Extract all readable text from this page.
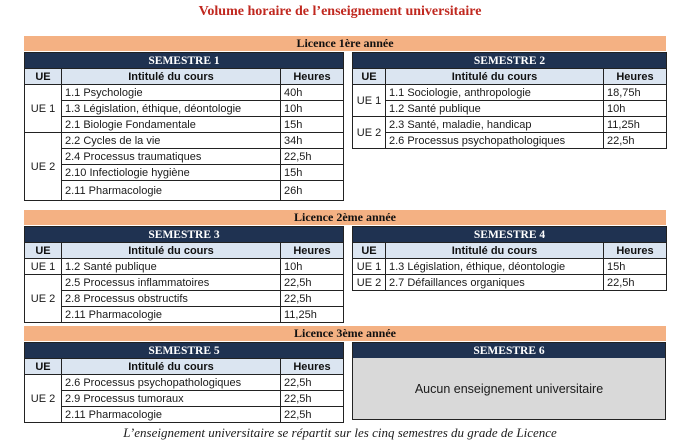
Volume horaire de l’enseignement universitaire
Licence 1ère année
SEMESTRE 1		
UE	Intitulé du cours	Heures
UE 1	1.1 Psychologie	40h
	1.3 Législation, éthique, déontologie	10h
	2.1 Biologie Fondamentale	15h
UE 2	2.2 Cycles de la vie	34h
	2.4 Processus traumatiques	22,5h
	2.10 Infectiologie hygiène	15h
	2.11 Pharmacologie	26h
SEMESTRE 2		
UE	Intitulé du cours	Heures
UE 1	1.1 Sociologie, anthropologie	18,75h
	1.2 Santé publique	10h
UE 2	2.3 Santé, maladie, handicap	11,25h
	2.6 Processus psychopathologiques	22,5h
Licence 2ème année
SEMESTRE 3		
UE	Intitulé du cours	Heures
UE 1	1.2 Santé publique	10h
UE 2	2.5 Processus inflammatoires	22,5h
	2.8 Processus obstructifs	22,5h
	2.11 Pharmacologie	11,25h
SEMESTRE 4		
UE	Intitulé du cours	Heures
UE 1	1.3 Législation, éthique, déontologie	15h
UE 2	2.7 Défaillances organiques	22,5h
Licence 3ème année
SEMESTRE 5		
UE	Intitulé du cours	Heures
UE 2	2.6 Processus psychopathologiques	22,5h
	2.9 Processus tumoraux	22,5h
	2.11 Pharmacologie	22,5h
SEMESTRE 6
Aucun enseignement universitaire
L’enseignement universitaire se répartit sur les cinq semestres du grade de Licence
